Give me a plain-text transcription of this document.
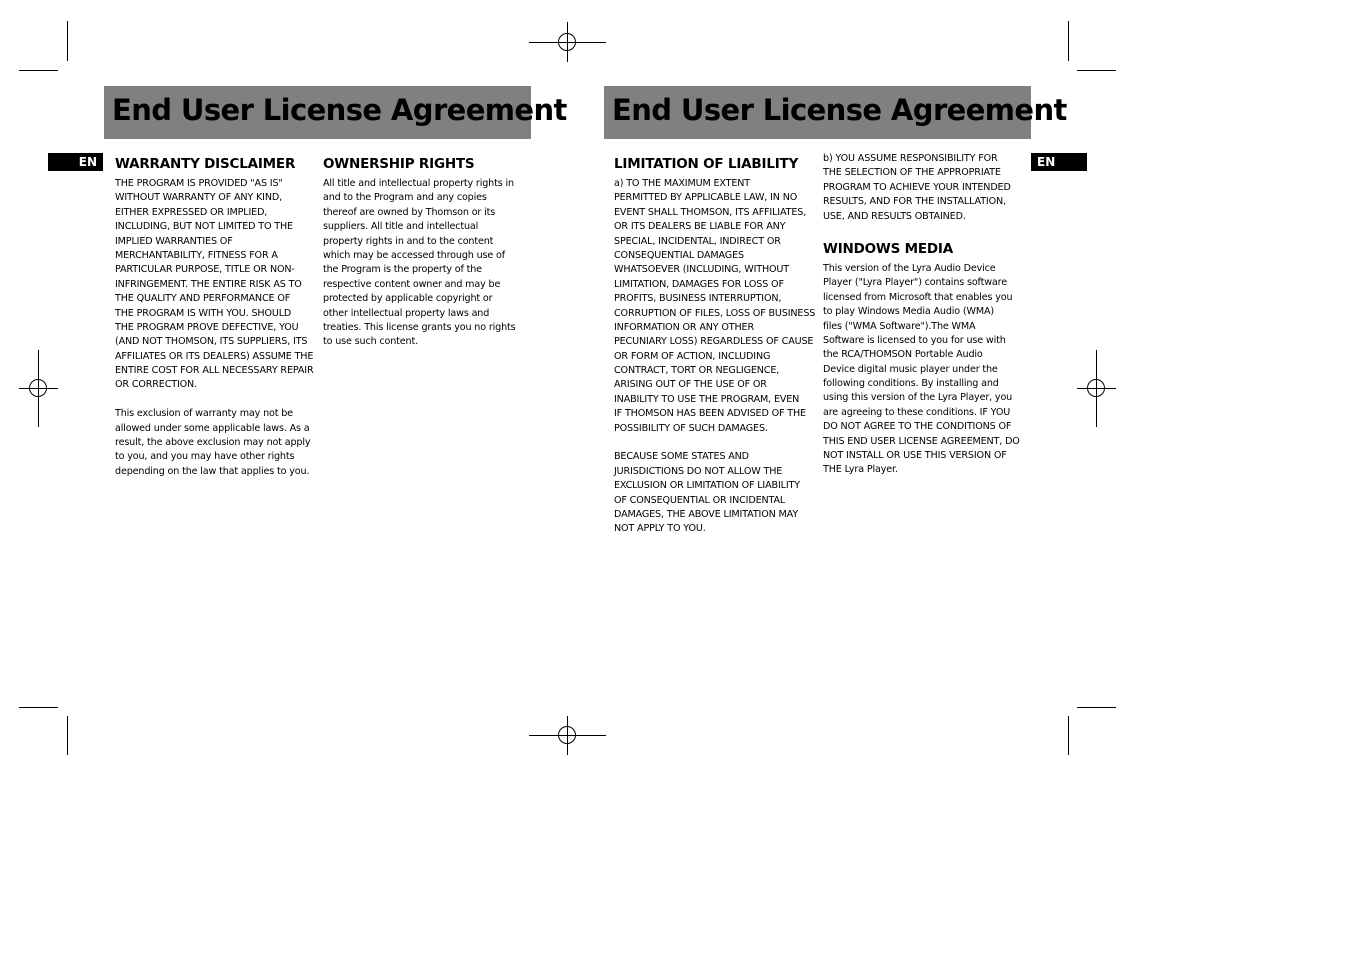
End User License Agreement
EN	WARRANTY DISCLAIMER

THE PROGRAM IS PROVIDED "AS IS"
WITHOUT WARRANTY OF ANY KIND,
EITHER EXPRESSED OR IMPLIED,
INCLUDING, BUT NOT LIMITED TO THE
IMPLIED WARRANTIES OF
MERCHANTABILITY, FITNESS FOR A
PARTICULAR PURPOSE, TITLE OR NON-
INFRINGEMENT. THE ENTIRE RISK AS TO
THE QUALITY AND PERFORMANCE OF
THE PROGRAM IS WITH YOU. SHOULD
THE PROGRAM PROVE DEFECTIVE, YOU
(AND NOT THOMSON, ITS SUPPLIERS, ITS
AFFILIATES OR ITS DEALERS) ASSUME THE
ENTIRE COST FOR ALL NECESSARY REPAIR
OR CORRECTION.

This exclusion of warranty may not be
allowed under some applicable laws. As a
result, the above exclusion may not apply
to you, and you may have other rights
depending on the law that applies to you.

OWNERSHIP RIGHTS

All title and intellectual property rights in
and to the Program and any copies
thereof are owned by Thomson or its
suppliers. All title and intellectual
property rights in and to the content
which may be accessed through use of
the Program is the property of the
respective content owner and may be
protected by applicable copyright or
other intellectual property laws and
treaties. This license grants you no rights
to use such content.

End User License Agreement
EN
LIMITATION OF LIABILITY

a) TO THE MAXIMUM EXTENT
PERMITTED BY APPLICABLE LAW, IN NO
EVENT SHALL THOMSON, ITS AFFILIATES,
OR ITS DEALERS BE LIABLE FOR ANY
SPECIAL, INCIDENTAL, INDIRECT OR
CONSEQUENTIAL DAMAGES
WHATSOEVER (INCLUDING, WITHOUT
LIMITATION, DAMAGES FOR LOSS OF
PROFITS, BUSINESS INTERRUPTION,
CORRUPTION OF FILES, LOSS OF BUSINESS
INFORMATION OR ANY OTHER
PECUNIARY LOSS) REGARDLESS OF CAUSE
OR FORM OF ACTION, INCLUDING
CONTRACT, TORT OR NEGLIGENCE,
ARISING OUT OF THE USE OF OR
INABILITY TO USE THE PROGRAM, EVEN
IF THOMSON HAS BEEN ADVISED OF THE
POSSIBILITY OF SUCH DAMAGES.

BECAUSE SOME STATES AND
JURISDICTIONS DO NOT ALLOW THE
EXCLUSION OR LIMITATION OF LIABILITY
OF CONSEQUENTIAL OR INCIDENTAL
DAMAGES, THE ABOVE LIMITATION MAY
NOT APPLY TO YOU.

b) YOU ASSUME RESPONSIBILITY FOR
THE SELECTION OF THE APPROPRIATE
PROGRAM TO ACHIEVE YOUR INTENDED
RESULTS, AND FOR THE INSTALLATION,
USE, AND RESULTS OBTAINED.

WINDOWS MEDIA

This version of the Lyra Audio Device
Player ("Lyra Player") contains software
licensed from Microsoft that enables you
to play Windows Media Audio (WMA)
files ("WMA Software").The WMA
Software is licensed to you for use with
the RCA/THOMSON Portable Audio
Device digital music player under the
following conditions. By installing and
using this version of the Lyra Player, you
are agreeing to these conditions. IF YOU
DO NOT AGREE TO THE CONDITIONS OF
THIS END USER LICENSE AGREEMENT, DO
NOT INSTALL OR USE THIS VERSION OF
THE Lyra Player.
